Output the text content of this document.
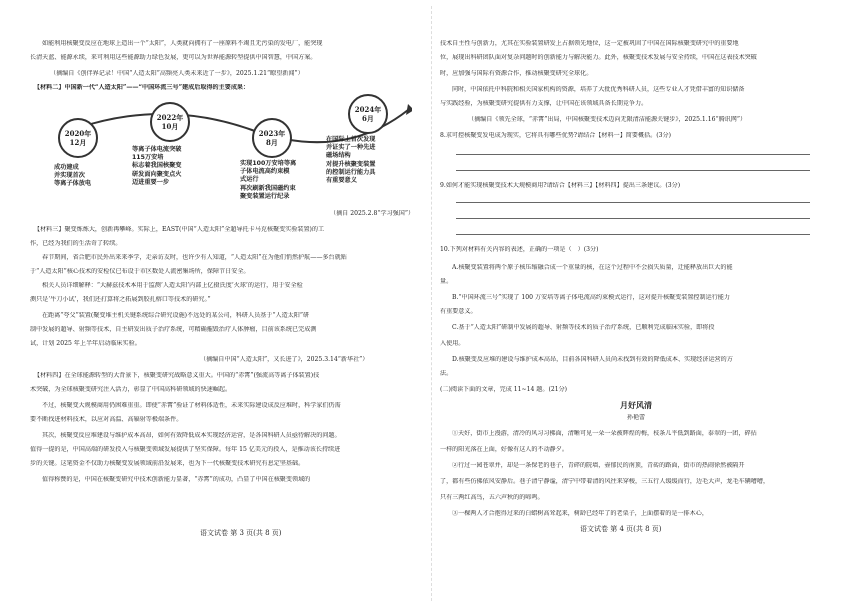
如能利用核聚变反应在地球上造出一个“太阳”，人类就向拥有了一座原料不竭且无污染的发电厂，能突现
长清天蓝、能源永续，来可利用这些能源助力绿色发展，更可以为世界能源转型提供中国智慧，中国方案。
（摘编自《创伴界记录！中国“人造太阳”高频亮人类未来近了一步》，2025.1.21“瞭望新闻”）
【材料二】中国新一代“人造太阳”——“中国环流三号”建成后取得的主要成果：
2020年
12月
2022年
10月
2023年
8月
2024年
6月
成功建成
并实现首次
等离子体放电
等离子体电流突破
115万安培
标志着我国核聚变
研发面向聚变点火
迈进重要一步
实现100万安培等离
子体电流高约束模
式运行
再次刷新我国磁约束
聚变装置运行纪录
在国际上首次发现
并证实了一种先进
磁场结构
对提升核聚变装置
的控制运行能力具
有重要意义
（摘自 2025.2.8“学习强国”）
【材料三】聚变炼炼大，创新再攀峰。实际上，EAST(中国“人造太阳”全超导托卡马克核聚变实验装置)的工
作，已经为我们的生活奇了转续。
春节期间，省合肥市民外出来来季学，走亲访友时，也许少有人知道，“人造太阳”在为他们悄然护航——多台就贴
于“人造太阳”核心技术的安检仪已布设于市区数处人流密集场所，保障节日安全。
相关人员详细解释：“大赫兹技术本用于监测‘人造太阳’内部上亿摄氏度‘火球’的运行，用于安全检
测只是‘牛刀小试’，我们还打算将之拓展到胶扎榕口等技术的研究。”
在距离“夸父”装置(聚变堆主机关键系统综合研究设施)不远处的某公司，科研人员基于“人造太阳”研
制中发展的超导、射频等技术，自主研发出质子治疗系统，可精确摧毁治疗人体肿瘤，目前该系统已完成测
试，计划 2025 年上半年启动临床实验。
（摘编自中国“人造太阳”，又长进了》，2025.3.14“新华社”）
【材料四】在全球能源转型的大背景下，核聚变研究战略意义重大。中国的“赤霄”(强流高等离子体装置)技
术突破，为全球核聚变研究注入活力，彰显了中国高科研领域的快速崛起。
不过，核聚变大规模商用仍困难重重。即使“赤霄”验证了材料体适性，未来实际建设成反应堆时，科学家们仍需
要不断找进材料技术，以应对高温、高辐射等极端条件。
其次，核聚变反应堆建设与维护成本高昂，如何有效降低成本实现经济运营，是各国科研人员亟待解决的问题。
值得一提的是，中国高端的研发投入与核聚变领域发展提供了坚实保障。每年 15 亿美元的投入，是推动该长持续进
步的关键。这笔资金不仅助力核聚变发展领域前沿发展来，也为下一代核聚变技术研究有息定坚基础。
值得称赞的是，中国在核聚变研究中技术创新能力显著，“赤霄”的成功，凸显了中国在核聚变领域的
语文试卷 第 3 页(共 8 页)
技术自主性与创新力，尤其在实验装置研发上占据领先地位，这一定被巩固了中国在国际核聚变研究中的重要地
位，展现出科研团队面对复杂问题时的创新能力与解决能力。此外，核聚变技术发展与安全持续，中国在这表技术突破
时，应加强与国际有资源合作，推动核聚变研究全球化。
同时，中国依托中科院和相关国家机构的资源，培养了大批优秀科研人员，这些专业人才凭借丰富的知识储备
与实践经验，为核聚变研究提供有力支撑，让中国在该领域具备长期竞争力。
（摘编自《领先全球，“赤霄”出局，中国核聚变技术迈向无限清洁能源关键步》，2025.1.16“腾讯网”）
8.求可控核聚变发电成为现实，它将具有哪些优势?请结合【材料一】简要概括。(3分)
9.如何才能实现核聚变技术大规模商用?请结合【材料三】【材料四】提出三条建议。(3分)
10.下列对材料有关内容的表述，正确的一项是（　）(3分)
A.核聚变装置将两个原子核压缩融合成一个重量的核，在这个过程中不会损失质量，迁能释放出巨大的能
量。
B.“中国环流三号”实现了 100 万安培等离子体电流高约束模式运行，这对提升核聚变装置控制运行能力
有重要意义。
C.基于“人造太阳”研制中发展的超导、射频等技术的质子治疗系统，已顺利完成临床实验，即将投
入使用。
D.核聚变反应堆的建设与维护成本高昂，目前各国科研人员尚未找到有效的降低成本、实现经济运营的方
法。
(二)阅读下面的文章，完成 11~14 题。(21分)
月好风清
孙艳蕾
①天好，街市上漫游，清冷的风习习拂面，清晰可见一朵一朵被辉煌的梅，枝条儿平低到路面，泰翠的一团，碎拈
一样的阳光落在上面，好像有这人的不动静夕。
②行过一园苍翠并，却是一条保老的巷子，青碎的院墙，壶郁民的南顶，青砖的路面，街市的热闹徐然被隔开
了，都有些仿佛依风安静后。巷子清宁静谧，清宁中带着清的风往来穿梭，三五行人缓缓而行，边毛大声，龙毛车辆嘈嘈，
只有三两红高鸟，五六声秋的的啼鸣。
③一棵两人才合抱得过来的白蜡树高耸起来，树龄已经年了的老栗子，上面摆着的是一排木心，
语文试卷 第 4 页(共 8 页)
